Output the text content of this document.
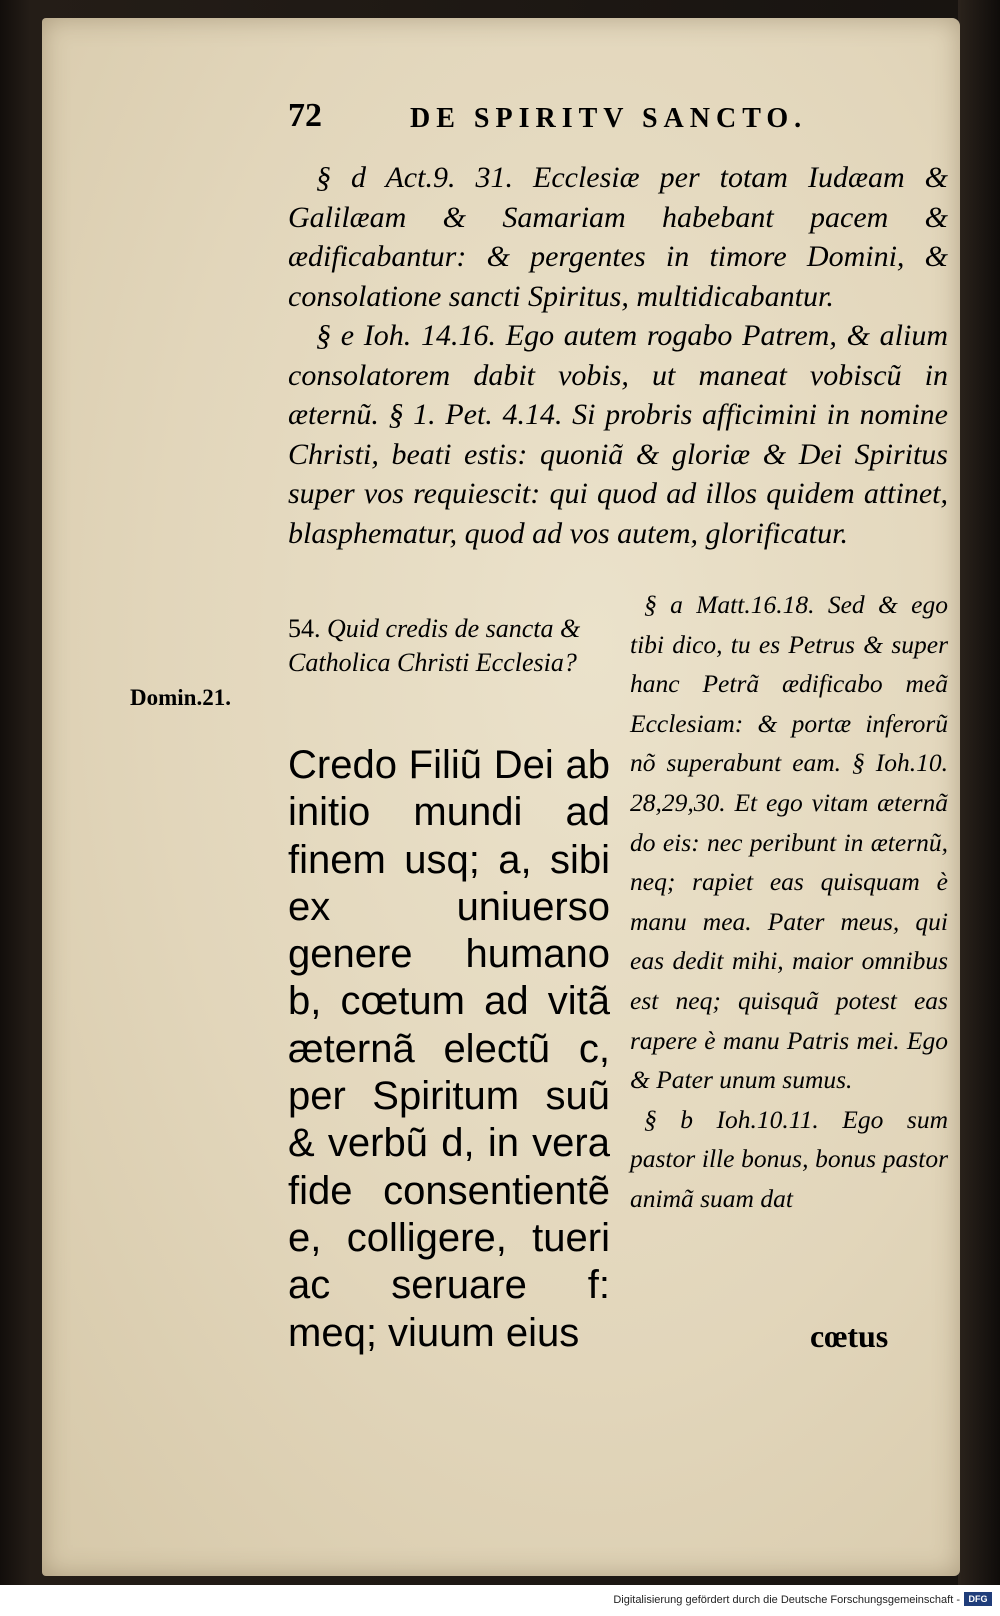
72	DE SPIRITV SANCTO.

§ d Act.9. 31. Ecclesiæ per totam Iudæam & Galilæam & Samariam habebant pacem & ædificabantur: & pergentes in timore Domini, & consolatione sancti Spiritus, multidicabantur.

§ e Ioh. 14.16. Ego autem rogabo Patrem, & alium consolatorem dabit vobis, ut maneat vobiscũ in æternũ. § 1. Pet. 4.14. Si probris afficimini in nomine Christi, beati estis: quoniã & gloriæ & Dei Spiritus super vos requiescit: qui quod ad illos quidem attinet, blasphematur, quod ad vos autem, glorificatur.

54. Quid credis de sancta & Catholica Christi Ecclesia?
Domin.21.
Credo Filiũ Dei ab initio mundi ad finem usq; a, sibi ex uniuerso genere humano b, cœtum ad vitã æternã electũ c, per Spiritum suũ & verbũ d, in vera fide consentientẽ e, colligere, tueri ac seruare f: meq; viuum eius

§ a Matt.16.18. Sed & ego tibi dico, tu es Petrus & super hanc Petrã ædificabo meã Ecclesiam: & portæ inferorũ nõ superabunt eam. § Ioh.10. 28,29,30. Et ego vitam æternã do eis: nec peribunt in æternũ, neq; rapiet eas quisquam è manu mea. Pater meus, qui eas dedit mihi, maior omnibus est neq; quisquã potest eas rapere è manu Patris mei. Ego & Pater unum sumus.

§ b Ioh.10.11. Ego sum pastor ille bonus, bonus pastor animã suam dat

cœtus
Digitalisierung gefördert durch die Deutsche Forschungsgemeinschaft - DFG
